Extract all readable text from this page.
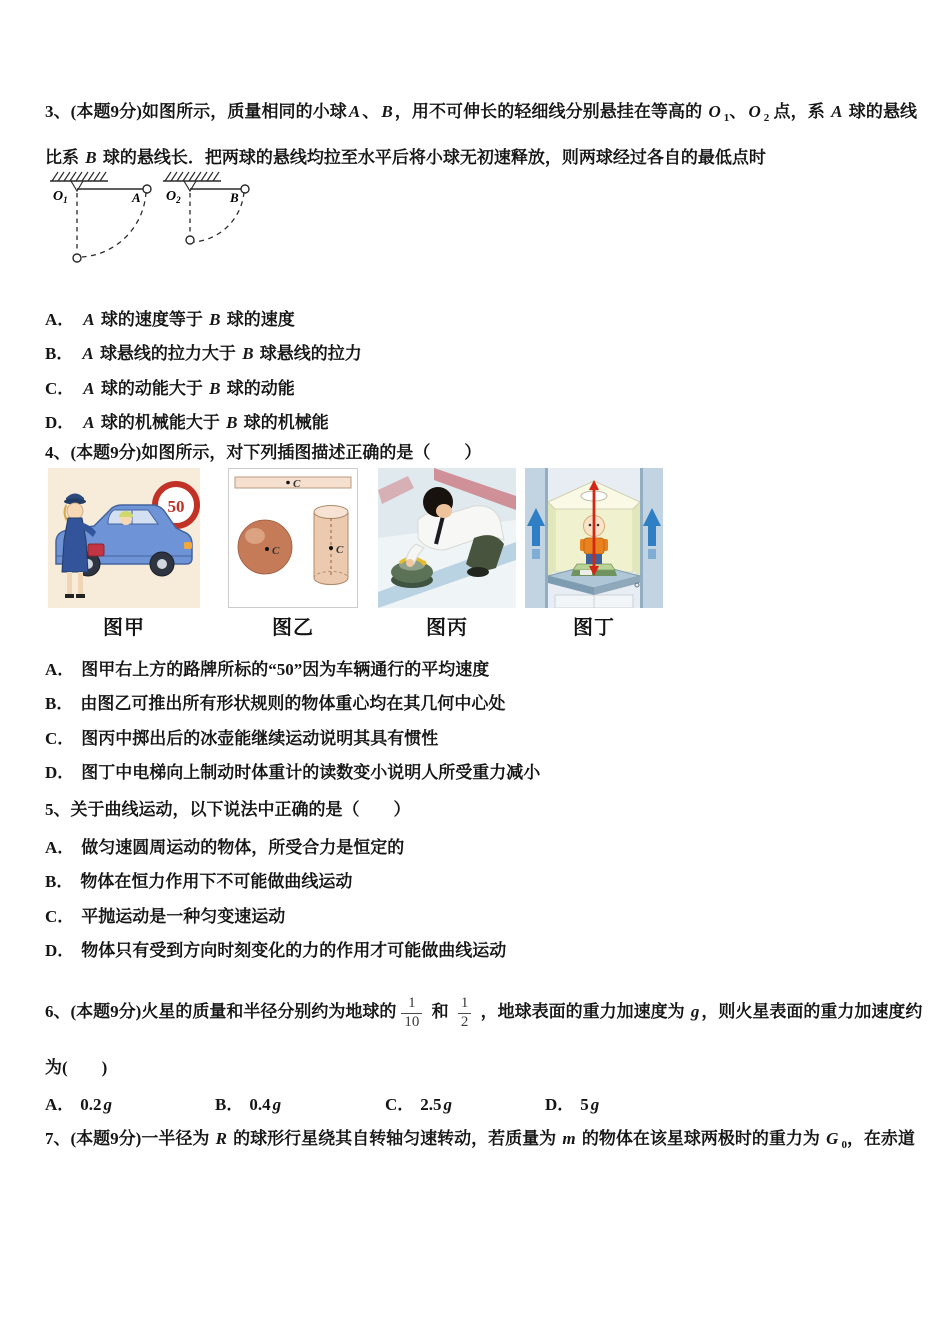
3、(本题9分)如图所示，质量相同的小球 A 、 B ，用不可伸长的轻细线分别悬挂在等高的 O $_1$、 O $_2$ 点，系 A 球的悬线比系 B 球的悬线长．把两球的悬线均拉至水平后将小球无初速释放，则两球经过各自的最低点时
$O_1$	A $O_2$	B
A． A 球的速度等于 B 球的速度
B． A 球悬线的拉力大于 B 球悬线的拉力
C． A 球的动能大于 B 球的动能
D． A 球的机械能大于 B 球的机械能
4、(本题9分)如图所示，对下列插图描述正确的是（　　）
50
图甲
C
C	C
图乙	图丙	图丁
A． 图甲右上方的路牌所标的“50”因为车辆通行的平均速度
B． 由图乙可推出所有形状规则的物体重心均在其几何中心处
C． 图丙中掷出后的冰壶能继续运动说明其具有惯性
D． 图丁中电梯向上制动时体重计的读数变小说明人所受重力减小
5、关于曲线运动，以下说法中正确的是（　　）
A． 做匀速圆周运动的物体，所受合力是恒定的
B． 物体在恒力作用下不可能做曲线运动
C． 平抛运动是一种匀变速运动
D． 物体只有受到方向时刻变化的力的作用才可能做曲线运动
6、(本题9分)火星的质量和半径分别约为地球的 $\frac{1}{10}$ 和 $\frac{1}{2}$ ，地球表面的重力加速度为 g ，则火星表面的重力加速度约
为(　　)
A． 0.2 g	B． 0.4 g	C． 2.5 g	D． 5 g
7、(本题9分)一半径为 R 的球形行星绕其自转轴匀速转动，若质量为 m 的物体在该星球两极时的重力为 G $_0$，在赤道
